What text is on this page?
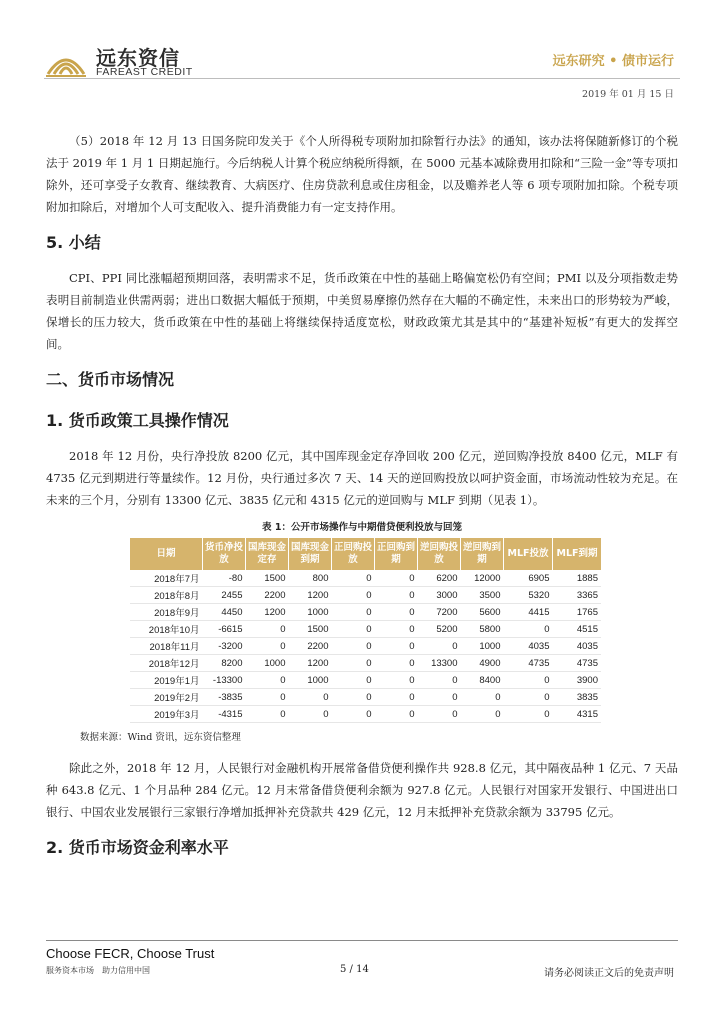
远东资信
FAREAST CREDIT
远东研究 • 债市运行
2019 年 01 月 15 日

（5）2018 年 12 月 13 日国务院印发关于《个人所得税专项附加扣除暂行办法》的通知，该办法将保随新修订的个税法于 2019 年 1 月 1 日期起施行。今后纳税人计算个税应纳税所得额，在 5000 元基本减除费用扣除和“三险一金”等专项扣除外，还可享受子女教育、继续教育、大病医疗、住房贷款利息或住房租金，以及赡养老人等 6 项专项附加扣除。个税专项附加扣除后，对增加个人可支配收入、提升消费能力有一定支持作用。

5. 小结

CPI、PPI 同比涨幅超预期回落，表明需求不足，货币政策在中性的基础上略偏宽松仍有空间；PMI 以及分项指数走势表明目前制造业供需两弱；进出口数据大幅低于预期，中美贸易摩擦仍然存在大幅的不确定性，未来出口的形势较为严峻，保增长的压力较大，货币政策在中性的基础上将继续保持适度宽松，财政政策尤其是其中的“基建补短板”有更大的发挥空间。

二、货币市场情况
1. 货币政策工具操作情况

2018 年 12 月份，央行净投放 8200 亿元，其中国库现金定存净回收 200 亿元，逆回购净投放 8400 亿元，MLF 有 4735 亿元到期进行等量续作。12 月份，央行通过多次 7 天、14 天的逆回购投放以呵护资金面，市场流动性较为充足。在未来的三个月，分别有 13300 亿元、3835 亿元和 4315 亿元的逆回购与 MLF 到期（见表 1）。

表 1：公开市场操作与中期借贷便利投放与回笼
日期	货币净投放	国库现金定存	国库现金到期	正回购投放	正回购到期	逆回购投放	逆回购到期	MLF投放	MLF到期
2018年7月	-80	1500	800	0	0	6200	12000	6905	1885
2018年8月	2455	2200	1200	0	0	3000	3500	5320	3365
2018年9月	4450	1200	1000	0	0	7200	5600	4415	1765
2018年10月	-6615	0	1500	0	0	5200	5800	0	4515
2018年11月	-3200	0	2200	0	0	0	1000	4035	4035
2018年12月	8200	1000	1200	0	0	13300	4900	4735	4735
2019年1月	-13300	0	1000	0	0	0	8400	0	3900
2019年2月	-3835	0	0	0	0	0	0	0	3835
2019年3月	-4315	0	0	0	0	0	0	0	4315
数据来源：Wind 资讯，远东资信整理

除此之外，2018 年 12 月，人民银行对金融机构开展常备借贷便利操作共 928.8 亿元，其中隔夜品种 1 亿元、7 天品种 643.8 亿元、1 个月品种 284 亿元。12 月末常备借贷便利余额为 927.8 亿元。人民银行对国家开发银行、中国进出口银行、中国农业发展银行三家银行净增加抵押补充贷款共 429 亿元，12 月末抵押补充贷款余额为 33795 亿元。

2. 货币市场资金利率水平
Choose FECR, Choose Trust
服务资本市场　助力信用中国	5 / 14	请务必阅读正文后的免责声明
